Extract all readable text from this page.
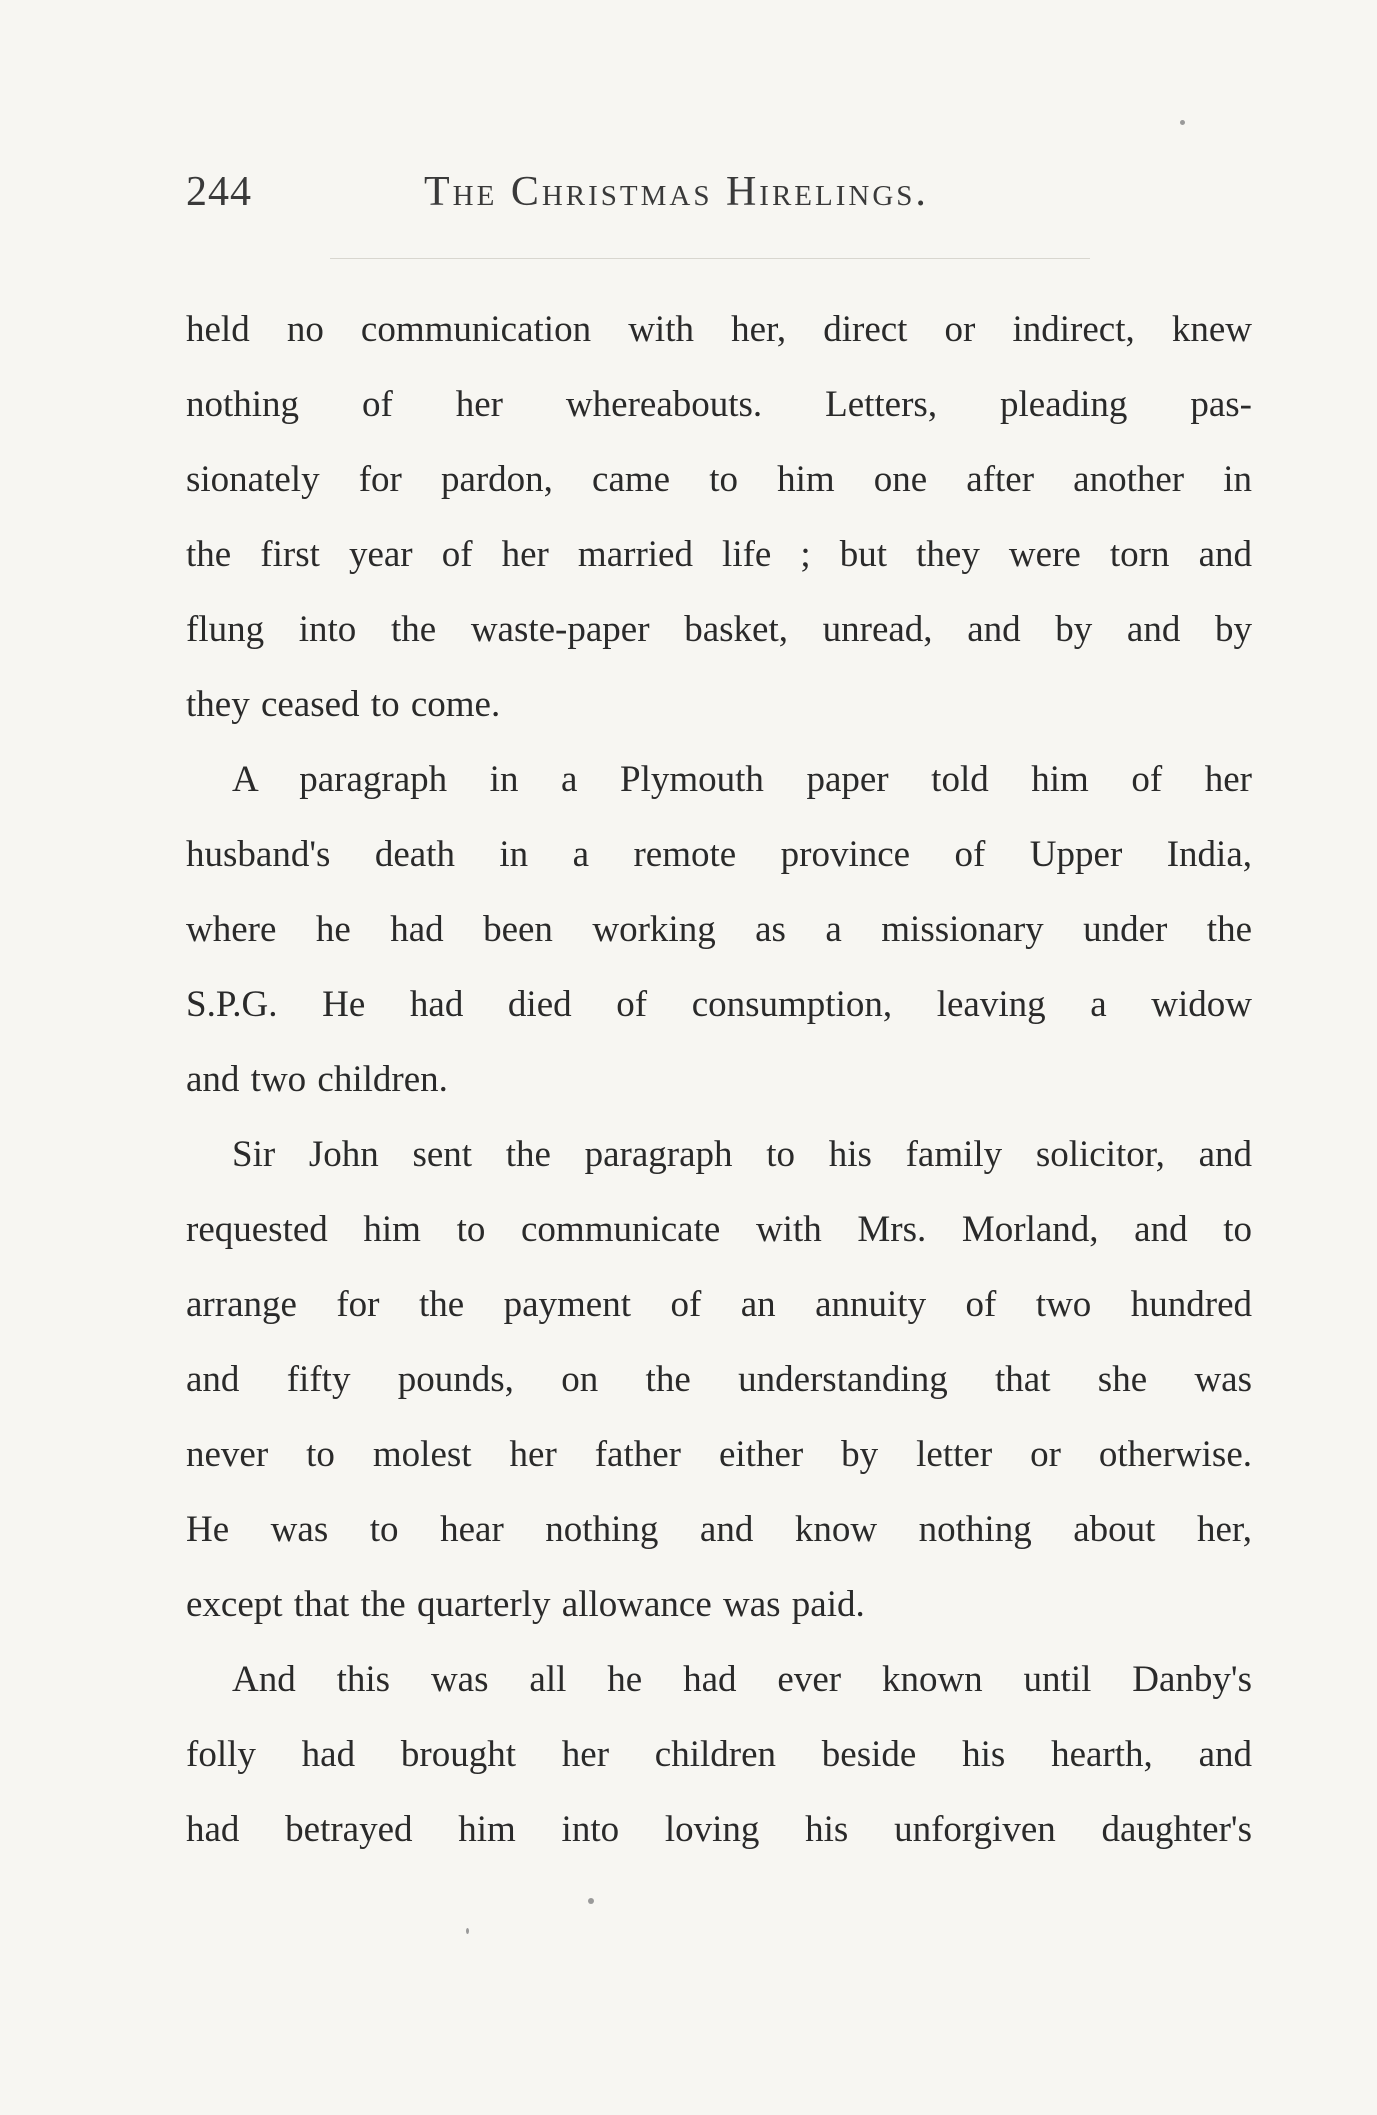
244	The Christmas Hirelings.
held no communication with her, direct or indirect, knew
nothing of her whereabouts. Letters, pleading pas-
sionately for pardon, came to him one after another in
the first year of her married life ; but they were torn and
flung into the waste-paper basket, unread, and by and by
they ceased to come.
A paragraph in a Plymouth paper told him of her
husband's death in a remote province of Upper India,
where he had been working as a missionary under the
S.P.G. He had died of consumption, leaving a widow
and two children.
Sir John sent the paragraph to his family solicitor, and
requested him to communicate with Mrs. Morland, and to
arrange for the payment of an annuity of two hundred
and fifty pounds, on the understanding that she was
never to molest her father either by letter or otherwise.
He was to hear nothing and know nothing about her,
except that the quarterly allowance was paid.
And this was all he had ever known until Danby's
folly had brought her children beside his hearth, and
had betrayed him into loving his unforgiven daughter's
